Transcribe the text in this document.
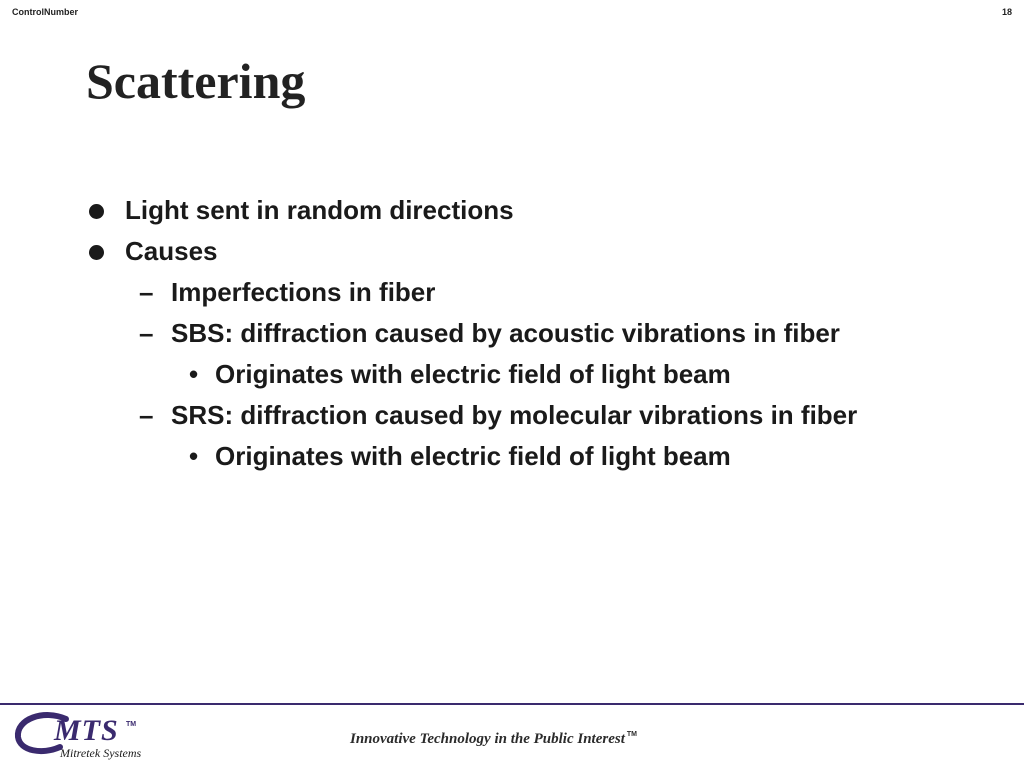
ControlNumber	18
Scattering
Light sent in random directions
Causes
– Imperfections in fiber
– SBS: diffraction caused by acoustic vibrations in fiber
• Originates with electric field of light beam
– SRS: diffraction caused by molecular vibrations in fiber
• Originates with electric field of light beam
MTS TM
Mitretek Systems
Innovative Technology in the Public Interest ™
